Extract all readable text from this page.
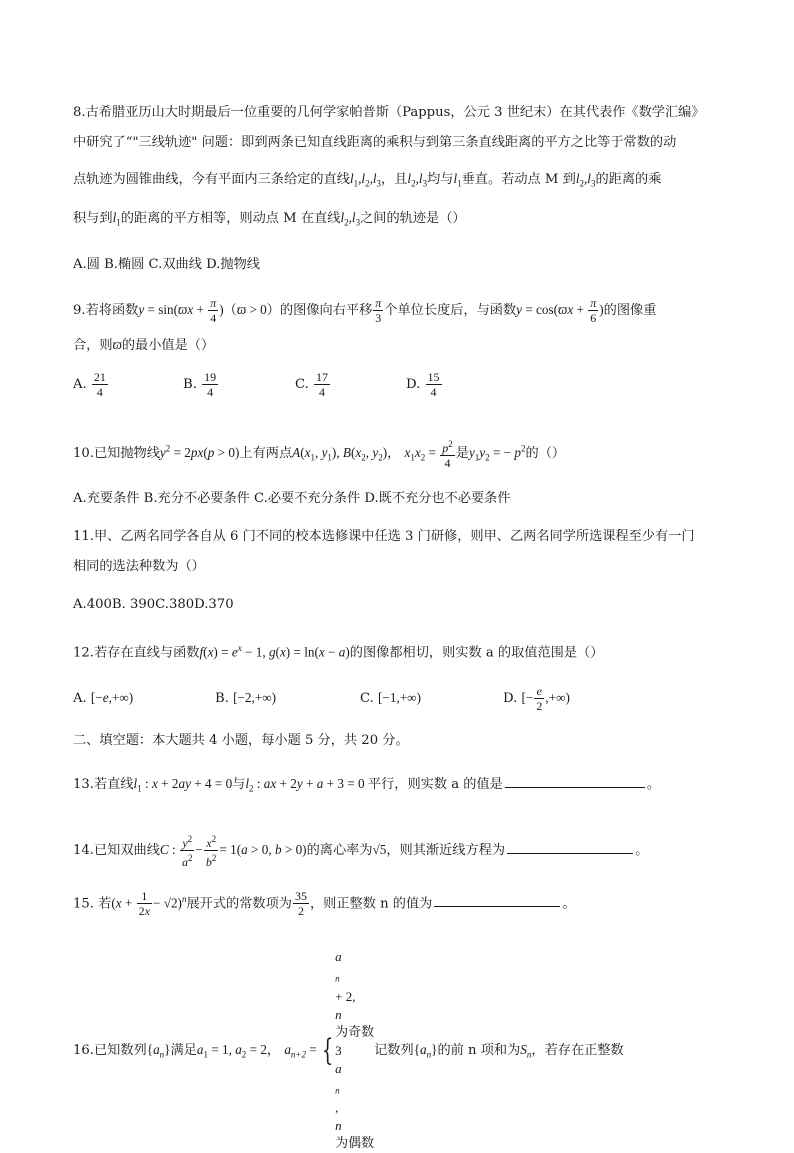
8.古希腊亚历山大时期最后一位重要的几何学家帕普斯（Pappus，公元 3 世纪末）在其代表作《数学汇编》
中研究了“"三线轨迹" 问题：即到两条已知直线距离的乘积与到第三条直线距离的平方之比等于常数的动
点轨迹为圆锥曲线，今有平面内三条给定的直线$l_1,l_2,l_3$，且$l_2,l_3$均与$l_1$垂直。若动点 M 到$l_2,l_3$的距离的乘
积与到$l_1$的距离的平方相等，则动点 M 在直线$l_2,l_3$之间的轨迹是（）
A.圆 B.椭圆 C.双曲线 D.抛物线
9.若将函数$y = \sin(ϖx + \frac{\pi}{4} )(ϖ > 0)$的图像向右平移 $\frac{\pi}{3}$ 个单位长度后，与函数$y = \cos(ϖx + \frac{\pi}{6}$ )的图像重
合，则ϖ的最小值是（）
A. $\frac{21}{4}$	B. $\frac{19}{4}$	C. $\frac{17}{4}$	D. $\frac{15}{4}$
10.已知抛物线$y^2 = 2px(p > 0)$上有两点$A(x_1$, $y_1$), $B(x_2$, $y_2$)， $x_1x_2 = \frac{p^2}{4}$ 是$y_1y_2$ = − $p^2$的（）
A.充要条件 B.充分不必要条件 C.必要不充分条件 D.既不充分也不必要条件
11.甲、乙两名同学各自从 6 门不同的校本选修课中任选 3 门研修，则甲、乙两名同学所选课程至少有一门
相同的选法种数为（）
A.400B. 390C.380D.370
12.若存在直线与函数$f(x) = e^x - 1$, g(x) = ln(x − a)的图像都相切，则实数 a 的取值范围是（）
A. [−e,+∞)	B. [−2,+∞)	C. [−1,+∞)	D. [− $\frac{e}{2}$ ,+∞)
二、填空题：本大题共 4 小题，每小题 5 分，共 20 分。
13.若直线$l_1$ : x + 2ay + 4 = 0与$l_2$ : ax + 2y + a + 3 = 0 平行，则实数 a 的值是	。
14.已知双曲线C : $\frac{y^2}{a^2} - \frac{x^2}{b^2} = 1(a > 0$, b > 0)的离心率为√5，则其渐近线方程为	。
15. 若$(x + \frac{1}{2x} - √2)^n$展开式的常数项为 $\frac{35}{2}$ ，则正整数 n 的值为	。
16.已知数列$\{a_n\}$满足$a_1 = 1$, $a_2 = 2$， $a_{n+2}$ = {
a
$_n$
+ 2,
n
为奇数
3
a
$_n$
,
n
为偶数
记数列$\{a_n\}$的前 n 项和为$S_n$，若存在正整数
